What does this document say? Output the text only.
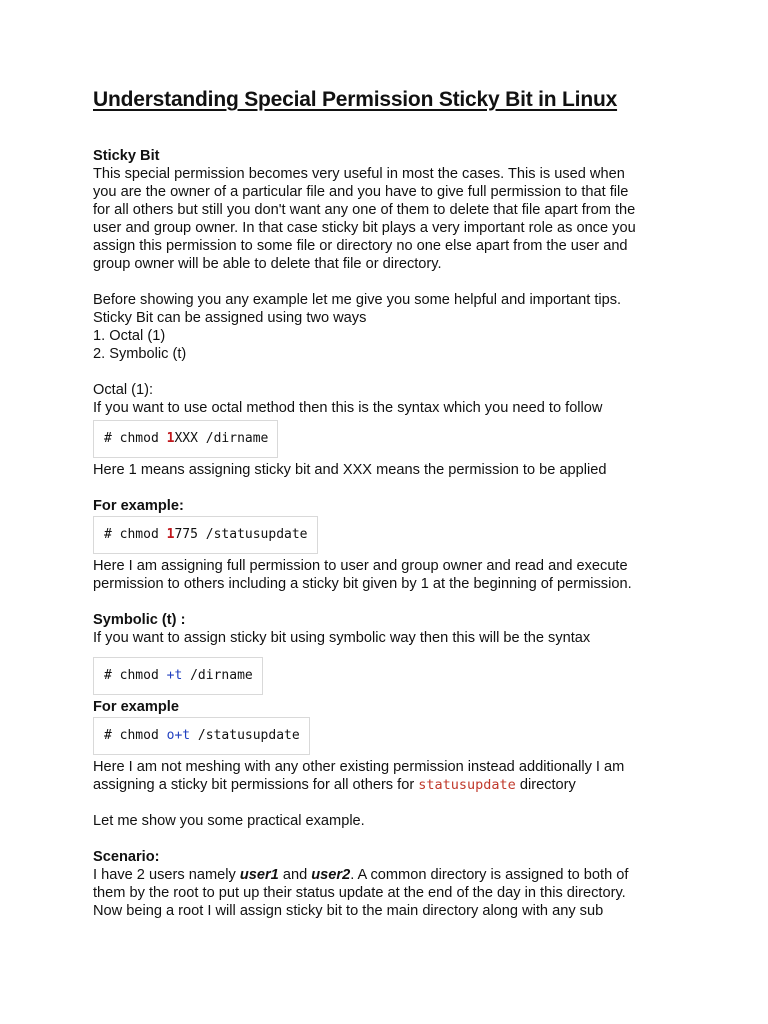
Understanding Special Permission Sticky Bit in Linux

Sticky Bit

This special permission becomes very useful in most the cases. This is used when

you are the owner of a particular file and you have to give full permission to that file

for all others but still you don't want any one of them to delete that file apart from the

user and group owner. In that case sticky bit plays a very important role as once you

assign this permission to some file or directory no one else apart from the user and

group owner will be able to delete that file or directory.

Before showing you any example let me give you some helpful and important tips.

Sticky Bit can be assigned using two ways

1. Octal (1)

2. Symbolic (t)

Octal (1):

If you want to use octal method then this is the syntax which you need to follow

# chmod 1XXX /dirname

Here 1 means assigning sticky bit and XXX means the permission to be applied

For example:

# chmod 1775 /statusupdate

Here I am assigning full permission to user and group owner and read and execute

permission to others including a sticky bit given by 1 at the beginning of permission.

Symbolic (t) :

If you want to assign sticky bit using symbolic way then this will be the syntax

# chmod +t /dirname

For example

# chmod o+t /statusupdate

Here I am not meshing with any other existing permission instead additionally I am

assigning a sticky bit permissions for all others for statusupdate directory

Let me show you some practical example.

Scenario:

I have 2 users namely user1 and user2. A common directory is assigned to both of

them by the root to put up their status update at the end of the day in this directory.

Now being a root I will assign sticky bit to the main directory along with any sub
